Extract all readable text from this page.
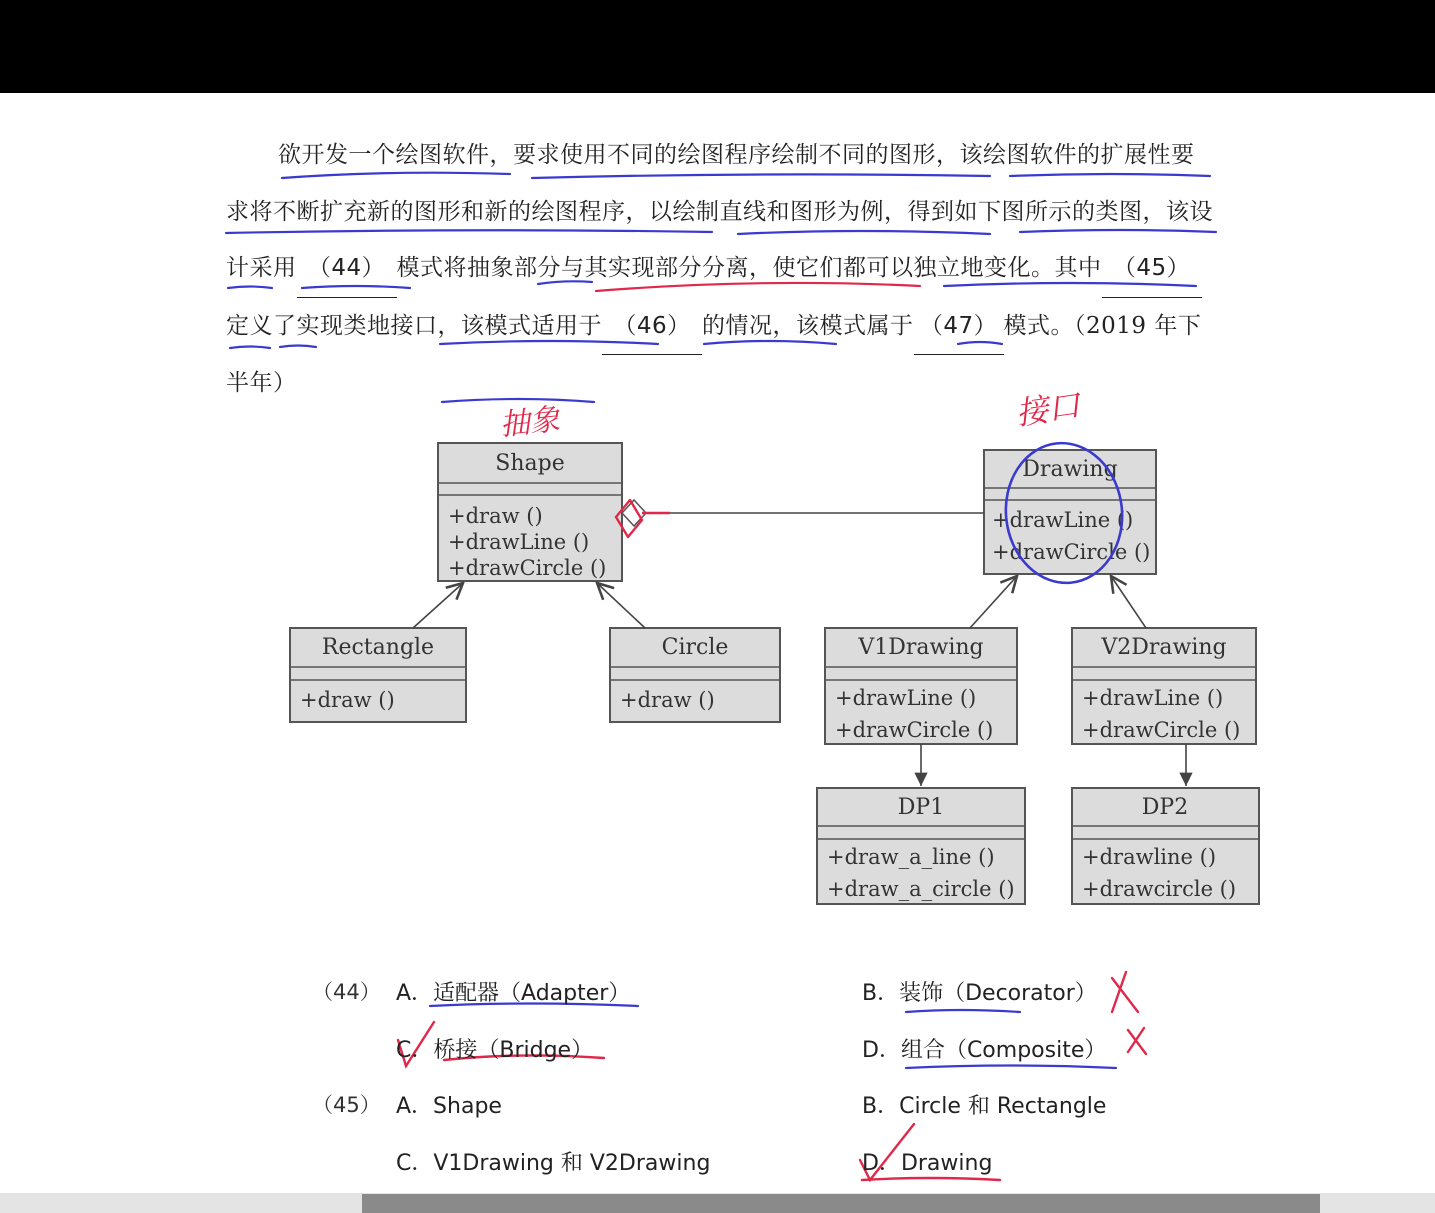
欲开发一个绘图软件，要求使用不同的绘图程序绘制不同的图形，该绘图软件的扩展性要求将不断扩充新的图形和新的绘图程序，以绘制直线和图形为例，得到如下图所示的类图，该设计采用 （44） 模式将抽象部分与其实现部分分离，使它们都可以独立地变化。其中 （45）定义了实现类地接口，该模式适用于 （46） 的情况，该模式属于 （47） 模式。（2019 年下半年）
抽象	接口
Shape
+draw ()
+drawLine ()
+drawCircle ()
Drawing
+drawLine ()
+drawCircle ()
Rectangle
+draw ()
Circle
+draw ()
V1Drawing
+drawLine ()
+drawCircle ()
V2Drawing
+drawLine ()
+drawCircle ()
DP1
+draw_a_line ()
+draw_a_circle ()
DP2
+drawline ()
+drawcircle ()
（44） A．适配器（Adapter）	B．装饰（Decorator）
C．桥接（Bridge）	D．组合（Composite）
（45） A．Shape	B．Circle 和 Rectangle
C．V1Drawing 和 V2Drawing	D．Drawing
